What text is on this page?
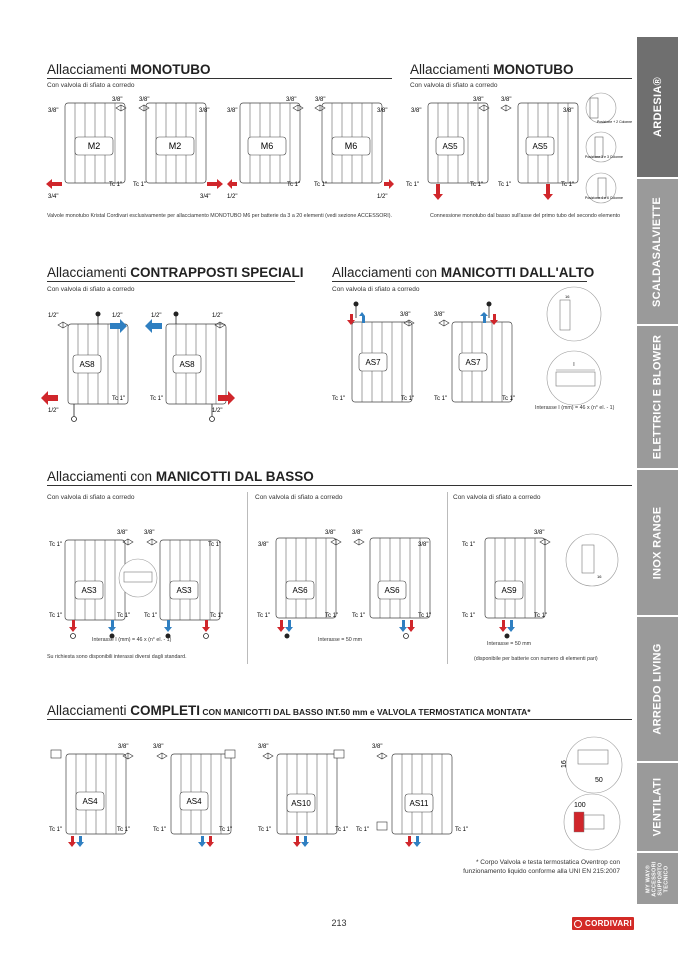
ARDESIA®
SCALDASALVIETTE
ELETTRICI E BLOWER
INOX RANGE
ARREDO LIVING
VENTILATI
MY WAY® ACCESSORI SUPPORTO TECNICO
Allacciamenti MONOTUBO
Con valvola di sfiato a corredo
Allacciamenti MONOTUBO
Con valvola di sfiato a corredo
M2
3/8"
3/8"
3/4"
Tc 1"
M2
3/8"
3/8"
3/4"
Tc 1"
M6
3/8"
3/8"
1/2"
Tc 1"
M6
3/8"
3/8"
1/2"
Tc 1"
AS5
3/8"
3/8"
Tc 1"	Tc 1"
AS5
3/8"
3/8"
Tc 1"	Tc 1"
Posizione + 2 Colonne
Posizione 3 e 3 Colonne
Posizione 4 e 6 Colonne
AS8
1/2"	1/2"
1/2"
Tc 1"
AS8
1/2"	1/2"
1/2"
Tc 1"
AS7
3/8"
Tc 1"	Tc 1"
AS7
3/8"
Tc 1"	Tc 1"
16
I
AS3
Tc 1"
3/8"
Tc 1"	Tc 1"
AS3
Tc 1"
3/8"
Tc 1"	Tc 1"
AS6
3/8"
3/8"
Tc 1"	Tc 1"
AS6
3/8"
3/8"
Tc 1"	Tc 1"
AS9
Tc 1"
3/8"
Tc 1"	Tc 1"
16
AS4
3/8"
Tc 1"	Tc 1"
AS4
3/8"
Tc 1"	Tc 1"
AS10
3/8"
Tc 1"	Tc 1"
AS11
3/8"
Tc 1"	Tc 1"
16
50
100
Valvole monotubo Kristal Cordivari esclusivamente per allacciamento MONOTUBO M6 per batterie da 3 a 20 elementi (vedi sezione ACCESSORI).	Connessione monotubo dal basso sull'asse del primo tubo del secondo elemento
Allacciamenti CONTRAPPOSTI SPECIALI
Con valvola di sfiato a corredo
Allacciamenti con MANICOTTI DALL'ALTO
Con valvola di sfiato a corredo
Interasse I (mm) = 46 x (n° el. - 1)
Allacciamenti con MANICOTTI DAL BASSO
Con valvola di sfiato a corredo	Con valvola di sfiato a corredo	Con valvola di sfiato a corredo
Interasse I (mm) = 46 x (n° el. - 1)
Su richiesta sono disponibili interassi diversi dagli standard.
Interasse = 50 mm
Interasse = 50 mm
(disponibile per batterie con numero di elementi pari)
Allacciamenti COMPLETI CON MANICOTTI DAL BASSO INT.50 mm e VALVOLA TERMOSTATICA MONTATA*
* Corpo Valvola e testa termostatica Oventrop con
funzionamento liquido conforme alla UNI EN 215:2007
213	CORDIVARI
